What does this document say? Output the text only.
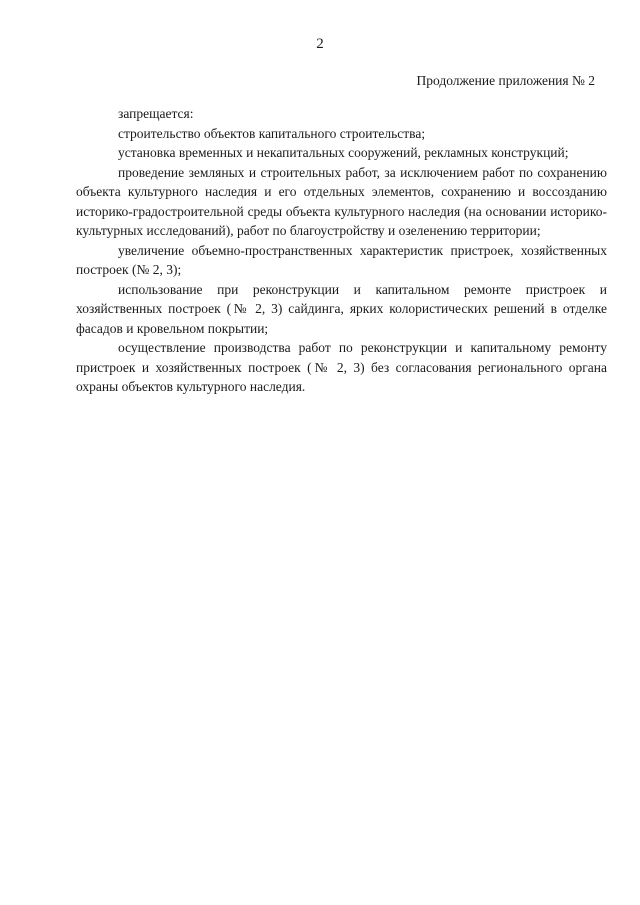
2
Продолжение приложения № 2

запрещается:

строительство объектов капитального строительства;

установка временных и некапитальных сооружений, рекламных конструкций;

проведение земляных и строительных работ, за исключением работ по сохранению объекта культурного наследия и его отдельных элементов, сохранению и воссозданию историко-градостроительной среды объекта культурного наследия (на основании историко-культурных исследований), работ по благоустройству и озеленению территории;

увеличение объемно-пространственных характеристик пристроек, хозяйственных построек (№ 2, 3);

использование при реконструкции и капитальном ремонте пристроек и хозяйственных построек (№ 2, 3) сайдинга, ярких колористических решений в отделке фасадов и кровельном покрытии;

осуществление производства работ по реконструкции и капитальному ремонту пристроек и хозяйственных построек (№ 2, 3) без согласования регионального органа охраны объектов культурного наследия.
